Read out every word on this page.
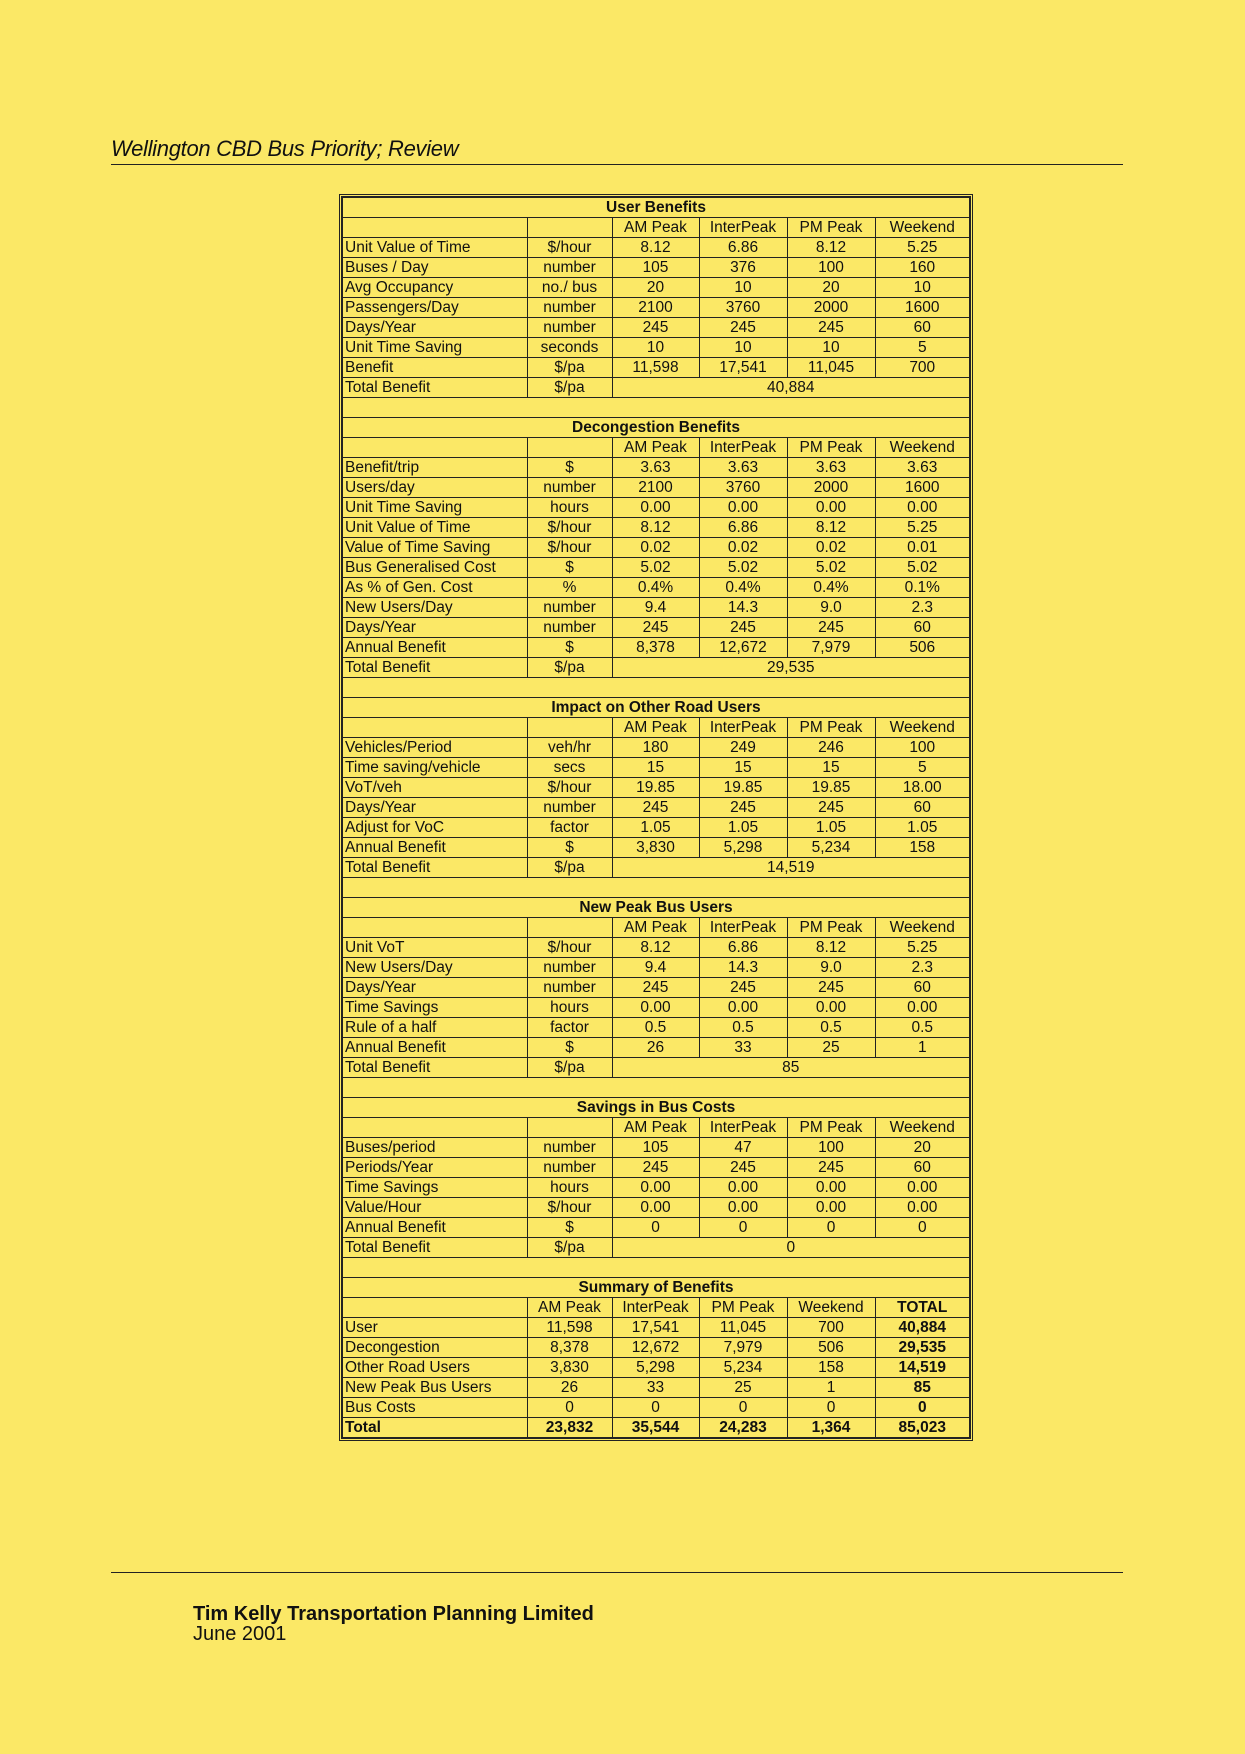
Wellington CBD Bus Priority; Review
User Benefits					
		AM Peak	InterPeak	PM Peak	Weekend
Unit Value of Time	$/hour	8.12	6.86	8.12	5.25
Buses / Day	number	105	376	100	160
Avg Occupancy	no./ bus	20	10	20	10
Passengers/Day	number	2100	3760	2000	1600
Days/Year	number	245	245	245	60
Unit Time Saving	seconds	10	10	10	5
Benefit	$/pa	11,598	17,541	11,045	700
Total Benefit	$/pa	40,884			

Decongestion Benefits					
		AM Peak	InterPeak	PM Peak	Weekend
Benefit/trip	$	3.63	3.63	3.63	3.63
Users/day	number	2100	3760	2000	1600
Unit Time Saving	hours	0.00	0.00	0.00	0.00
Unit Value of Time	$/hour	8.12	6.86	8.12	5.25
Value of Time Saving	$/hour	0.02	0.02	0.02	0.01
Bus Generalised Cost	$	5.02	5.02	5.02	5.02
As % of Gen. Cost	%	0.4%	0.4%	0.4%	0.1%
New Users/Day	number	9.4	14.3	9.0	2.3
Days/Year	number	245	245	245	60
Annual Benefit	$	8,378	12,672	7,979	506
Total Benefit	$/pa	29,535			

Impact on Other Road Users					
		AM Peak	InterPeak	PM Peak	Weekend
Vehicles/Period	veh/hr	180	249	246	100
Time saving/vehicle	secs	15	15	15	5
VoT/veh	$/hour	19.85	19.85	19.85	18.00
Days/Year	number	245	245	245	60
Adjust for VoC	factor	1.05	1.05	1.05	1.05
Annual Benefit	$	3,830	5,298	5,234	158
Total Benefit	$/pa	14,519			

New Peak Bus Users					
		AM Peak	InterPeak	PM Peak	Weekend
Unit VoT	$/hour	8.12	6.86	8.12	5.25
New Users/Day	number	9.4	14.3	9.0	2.3
Days/Year	number	245	245	245	60
Time Savings	hours	0.00	0.00	0.00	0.00
Rule of a half	factor	0.5	0.5	0.5	0.5
Annual Benefit	$	26	33	25	1
Total Benefit	$/pa	85			

Savings in Bus Costs					
		AM Peak	InterPeak	PM Peak	Weekend
Buses/period	number	105	47	100	20
Periods/Year	number	245	245	245	60
Time Savings	hours	0.00	0.00	0.00	0.00
Value/Hour	$/hour	0.00	0.00	0.00	0.00
Annual Benefit	$	0	0	0	0
Total Benefit	$/pa	0			

Summary of Benefits					
	AM Peak	InterPeak	PM Peak	Weekend	TOTAL
User	11,598	17,541	11,045	700	40,884
Decongestion	8,378	12,672	7,979	506	29,535
Other Road Users	3,830	5,298	5,234	158	14,519
New Peak Bus Users	26	33	25	1	85
Bus Costs	0	0	0	0	0
Total	23,832	35,544	24,283	1,364	85,023
Tim Kelly Transportation Planning Limited
June 2001
